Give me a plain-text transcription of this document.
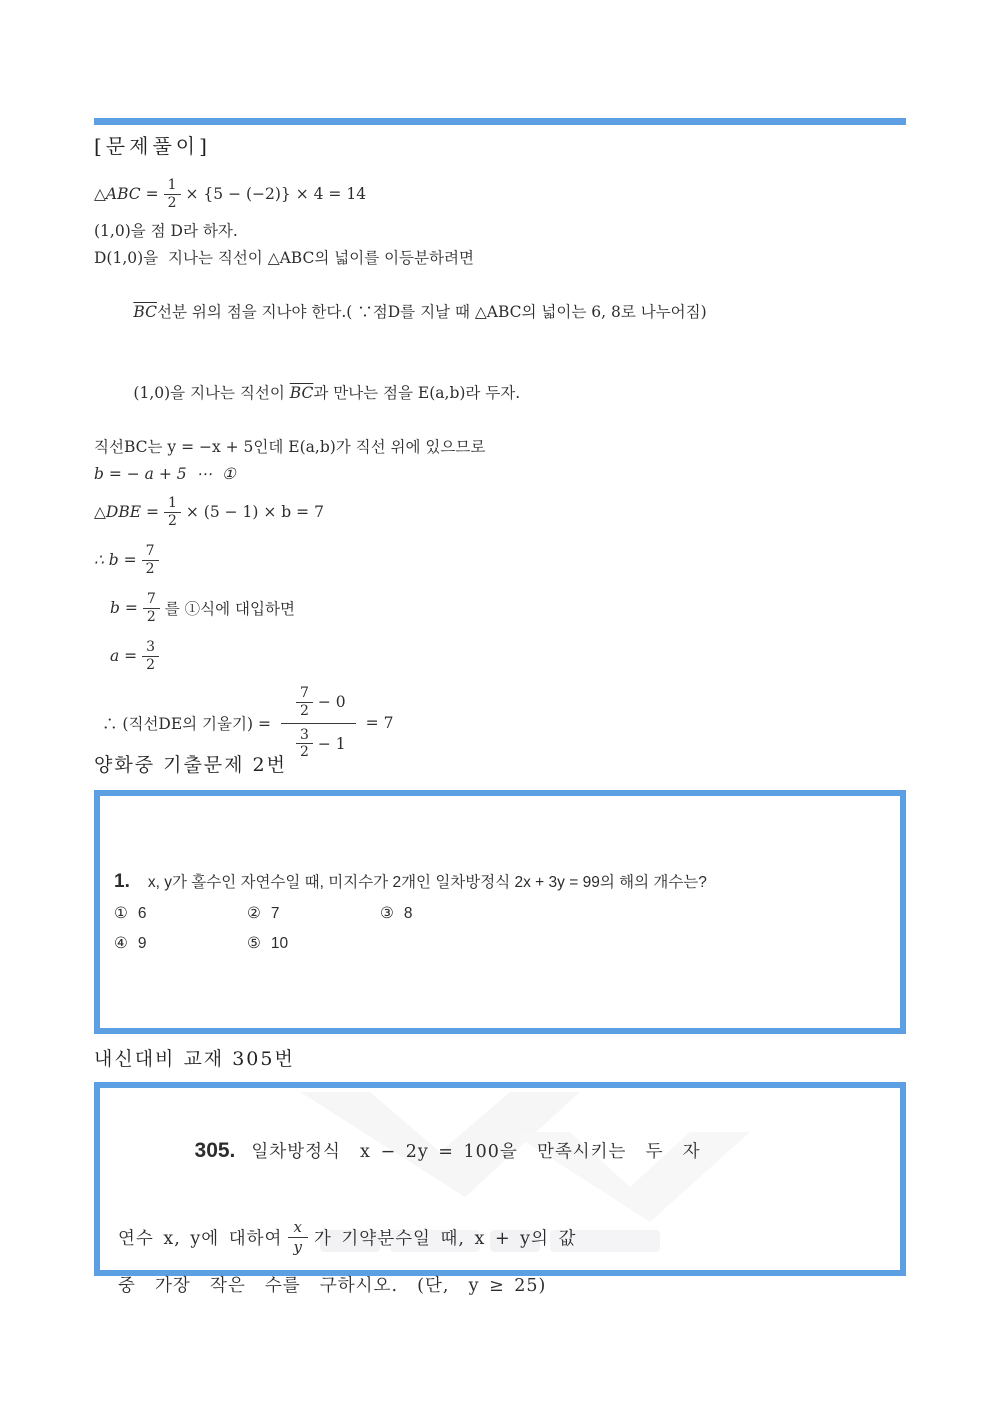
[문제풀이]
△ABC = $\frac{1}{2} \times \{5 - (-2)\} \times 4 = 14$
(1,0)을 점 D라 하자.
D(1,0)을  지나는 직선이 △ABC의 넓이를 이등분하려면

$\overline{BC}$선분 위의 점을 지나야 한다.( ∵점D를 지날 때 △ABC의 넓이는 6, 8로 나누어짐)

(1,0)을 지나는 직선이 $\overline{BC}$과 만나는 점을 E(a,b)라 두자.

직선BC는 y = −x + 5인데 E(a,b)가 직선 위에 있으므로
b = − a + 5  ⋯  ①
△DBE = $\frac{1}{2} \times (5 - 1) \times b = 7$
∴ $b = \frac{7}{2}$
$b = \frac{7}{2}$ 를 ①식에 대입하면
$a = \frac{3}{2}$
∴ (직선DE의 기울기) = $\frac{\frac{7}{2} - 0}{\frac{3}{2} - 1} = 7$
양화중 기출문제 2번
1. x, y가 홀수인 자연수일 때, 미지수가 2개인 일차방정식 2x + 3y = 99의 해의 개수는?
① 6	② 7	③ 8
④ 9	⑤ 10
내신대비 교재 305번

305. 일차방정식  x − 2y = 100을  만족시키는  두  자

연수 x, y에 대하여 $\frac{x}{y}$ 가 기약분수일 때, x + y의 값
중  가장  작은  수를  구하시오.  (단,  y ≥ 25)
